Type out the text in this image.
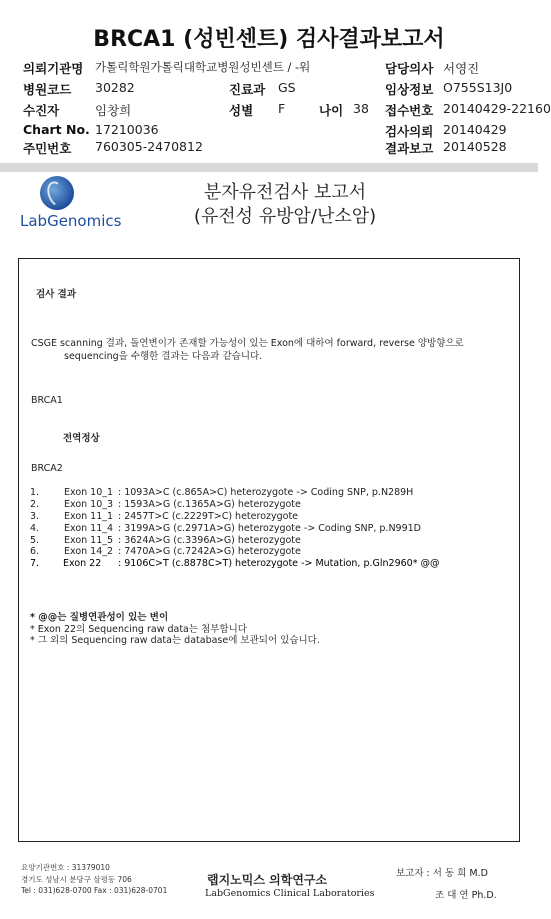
BRCA1 (성빈센트) 검사결과보고서
의뢰기관명 가톨릭학원가톨릭대학교병원성빈센트 / -워	담당의사 서영진
병원코드 30282	진료과 GS	임상정보 O755S13J0
수진자	임창희	성별 F	나이 38 접수번호 20140429-22160
Chart No. 17210036	검사의뢰 20140429
주민번호 760305-2470812	결과보고 20140528
LabGenomics
분자유전검사 보고서
(유전성 유방암/난소암)
검사 결과
CSGE scanning 결과, 돌연변이가 존재할 가능성이 있는 Exon에 대하여 forward, reverse 양방향으로
sequencing을 수행한 결과는 다음과 같습니다.
BRCA1
전역정상
BRCA2
1.	Exon 10_1 : 1093A>C (c.865A>C) heterozygote -> Coding SNP, p.N289H
2.	Exon 10_3 : 1593A>G (c.1365A>G) heterozygote
3.	Exon 11_1 : 2457T>C (c.2229T>C) heterozygote
4.	Exon 11_4 : 3199A>G (c.2971A>G) heterozygote -> Coding SNP, p.N991D
5.	Exon 11_5 : 3624A>G (c.3396A>G) heterozygote
6.	Exon 14_2 : 7470A>G (c.7242A>G) heterozygote
7.	Exon 22 : 9106C>T (c.8878C>T) heterozygote -> Mutation, p.Gln2960* @@
* @@는 질병연관성이 있는 변이
* Exon 22의 Sequencing raw data는 첨부합니다
* 그 외의 Sequencing raw data는 database에 보관되어 있습니다.
요양기관번호 : 31379010
경기도 성남시 분당구 삼평동 706
Tel : 031)628-0700 Fax : 031)628-0701
랩지노믹스 의학연구소
LabGenomics Clinical Laboratories
보고자 : 서 동 희 M.D
조 대 연 Ph.D.
